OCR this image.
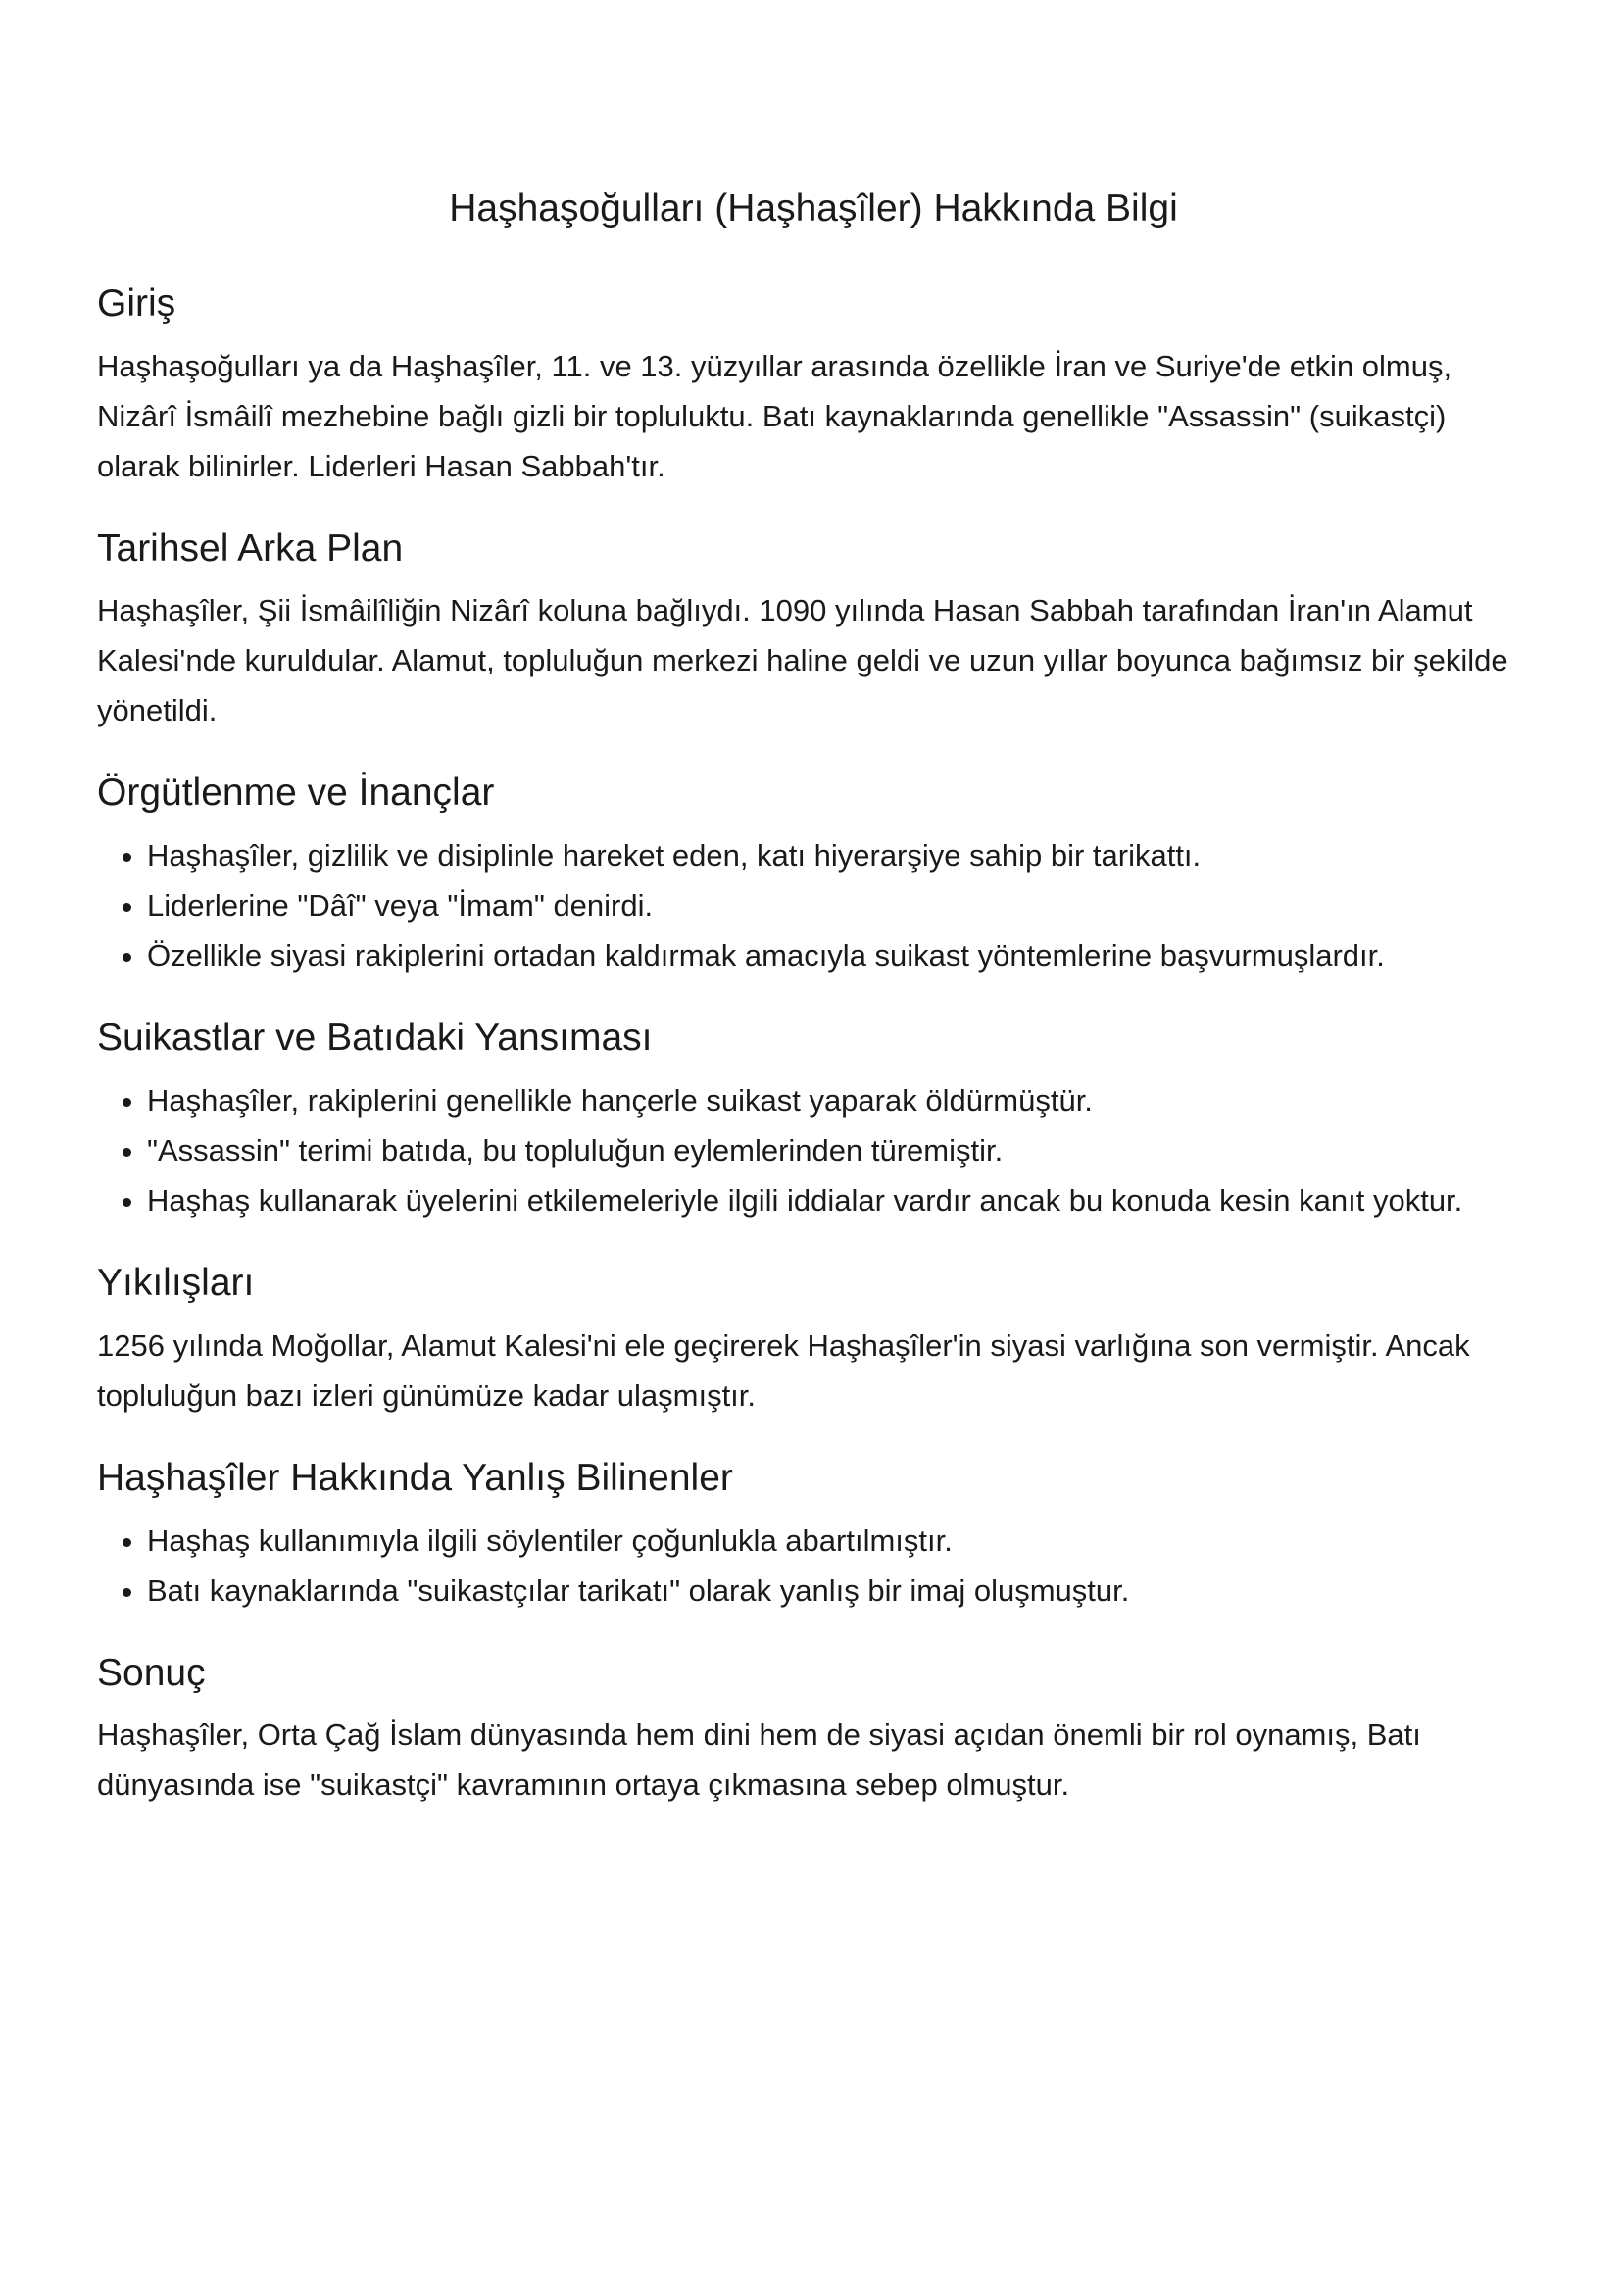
Haşhaşoğulları (Haşhaşîler) Hakkında Bilgi
Giriş

Haşhaşoğulları ya da Haşhaşîler, 11. ve 13. yüzyıllar arasında özellikle İran ve Suriye'de etkin olmuş, Nizârî İsmâilî mezhebine bağlı gizli bir topluluktu. Batı kaynaklarında genellikle "Assassin" (suikastçi) olarak bilinirler. Liderleri Hasan Sabbah'tır.

Tarihsel Arka Plan

Haşhaşîler, Şii İsmâilîliğin Nizârî koluna bağlıydı. 1090 yılında Hasan Sabbah tarafından İran'ın Alamut Kalesi'nde kuruldular. Alamut, topluluğun merkezi haline geldi ve uzun yıllar boyunca bağımsız bir şekilde yönetildi.

Örgütlenme ve İnançlar
• Haşhaşîler, gizlilik ve disiplinle hareket eden, katı hiyerarşiye sahip bir tarikattı.
• Liderlerine "Dâî" veya "İmam" denirdi.
• Özellikle siyasi rakiplerini ortadan kaldırmak amacıyla suikast yöntemlerine başvurmuşlardır.
Suikastlar ve Batıdaki Yansıması
• Haşhaşîler, rakiplerini genellikle hançerle suikast yaparak öldürmüştür.
• "Assassin" terimi batıda, bu topluluğun eylemlerinden türemiştir.
• Haşhaş kullanarak üyelerini etkilemeleriyle ilgili iddialar vardır ancak bu konuda kesin kanıt yoktur.
Yıkılışları

1256 yılında Moğollar, Alamut Kalesi'ni ele geçirerek Haşhaşîler'in siyasi varlığına son vermiştir. Ancak topluluğun bazı izleri günümüze kadar ulaşmıştır.

Haşhaşîler Hakkında Yanlış Bilinenler
• Haşhaş kullanımıyla ilgili söylentiler çoğunlukla abartılmıştır.
• Batı kaynaklarında "suikastçılar tarikatı" olarak yanlış bir imaj oluşmuştur.
Sonuç

Haşhaşîler, Orta Çağ İslam dünyasında hem dini hem de siyasi açıdan önemli bir rol oynamış, Batı dünyasında ise "suikastçi" kavramının ortaya çıkmasına sebep olmuştur.
